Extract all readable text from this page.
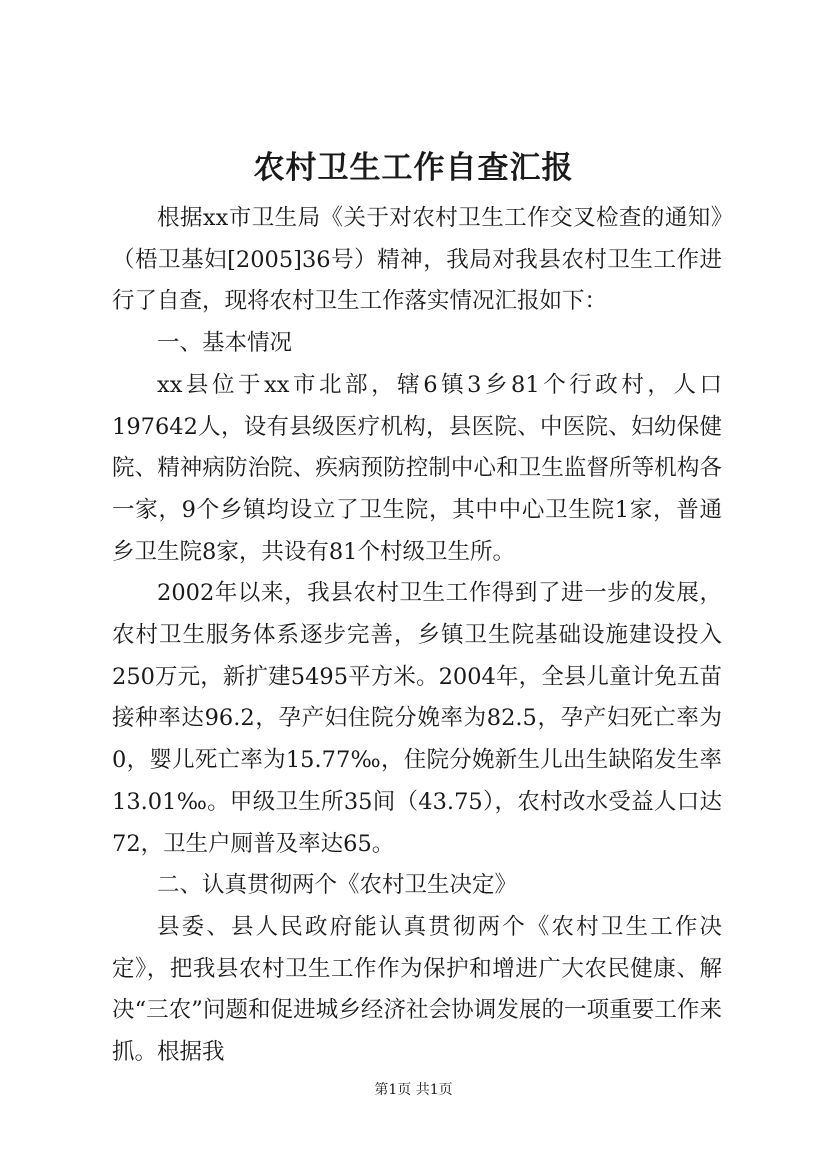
农村卫生工作自查汇报

根据xx市卫生局《关于对农村卫生工作交叉检查的通知》（梧卫基妇[2005]36号）精神，我局对我县农村卫生工作进行了自查，现将农村卫生工作落实情况汇报如下：

一、基本情况

xx县位于xx市北部，辖6镇3乡81个行政村，人口197642人，设有县级医疗机构，县医院、中医院、妇幼保健院、精神病防治院、疾病预防控制中心和卫生监督所等机构各一家，9个乡镇均设立了卫生院，其中中心卫生院1家，普通乡卫生院8家，共设有81个村级卫生所。

2002年以来，我县农村卫生工作得到了进一步的发展，农村卫生服务体系逐步完善，乡镇卫生院基础设施建设投入250万元，新扩建5495平方米。2004年，全县儿童计免五苗接种率达96.2，孕产妇住院分娩率为82.5，孕产妇死亡率为0，婴儿死亡率为15.77‰，住院分娩新生儿出生缺陷发生率13.01‰。甲级卫生所35间（43.75），农村改水受益人口达72，卫生户厕普及率达65。

二、认真贯彻两个《农村卫生决定》

县委、县人民政府能认真贯彻两个《农村卫生工作决定》，把我县农村卫生工作作为保护和增进广大农民健康、解决“三农”问题和促进城乡经济社会协调发展的一项重要工作来抓。根据我

第1页 共1页
